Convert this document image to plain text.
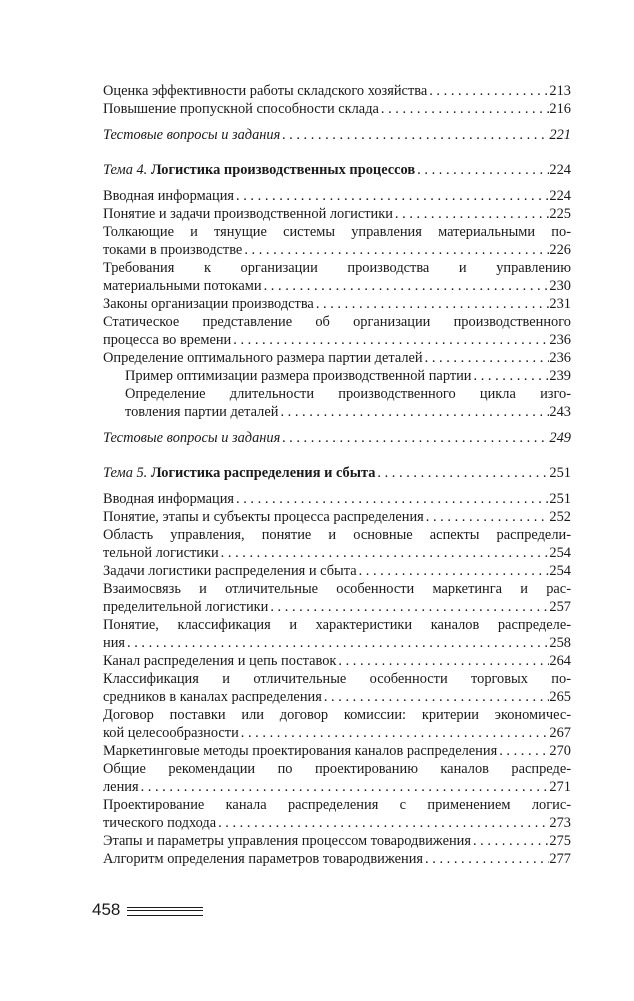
Оценка эффективности работы складского хозяйства . . .	213
Повышение пропускной способности склада . . .	216
Тестовые вопросы и задания . . .	221
Тема 4. Логистика производственных процессов . . .	224
Вводная информация . . .	224
Понятие и задачи производственной логистики . . .	225
Толкающие и тянущие системы управления материальными по-
токами в производстве . . .	226
Требования к организации производства и управлению
материальными потоками . . .	230
Законы организации производства . . .	231
Статическое представление об организации производственного
процесса во времени . . .	236
Определение оптимального размера партии деталей . . .	236
Пример оптимизации размера производственной партии . . .	239
Определение длительности производственного цикла изго-
товления партии деталей . . .	243
Тестовые вопросы и задания . . .	249
Тема 5. Логистика распределения и сбыта . . .	251
Вводная информация . . .	251
Понятие, этапы и субъекты процесса распределения . . .	252
Область управления, понятие и основные аспекты распредели-
тельной логистики . . .	254
Задачи логистики распределения и сбыта . . .	254
Взаимосвязь и отличительные особенности маркетинга и рас-
пределительной логистики . . .	257
Понятие, классификация и характеристики каналов распределе-
ния . . .	258
Канал распределения и цепь поставок . . .	264
Классификация и отличительные особенности торговых по-
средников в каналах распределения . . .	265
Договор поставки или договор комиссии: критерии экономичес-
кой целесообразности . . .	267
Маркетинговые методы проектирования каналов распределения . . .	270
Общие рекомендации по проектированию каналов распреде-
ления . . .	271
Проектирование канала распределения с применением логис-
тического подхода . . .	273
Этапы и параметры управления процессом товародвижения . . .	275
Алгоритм определения параметров товародвижения . . .	277
458
